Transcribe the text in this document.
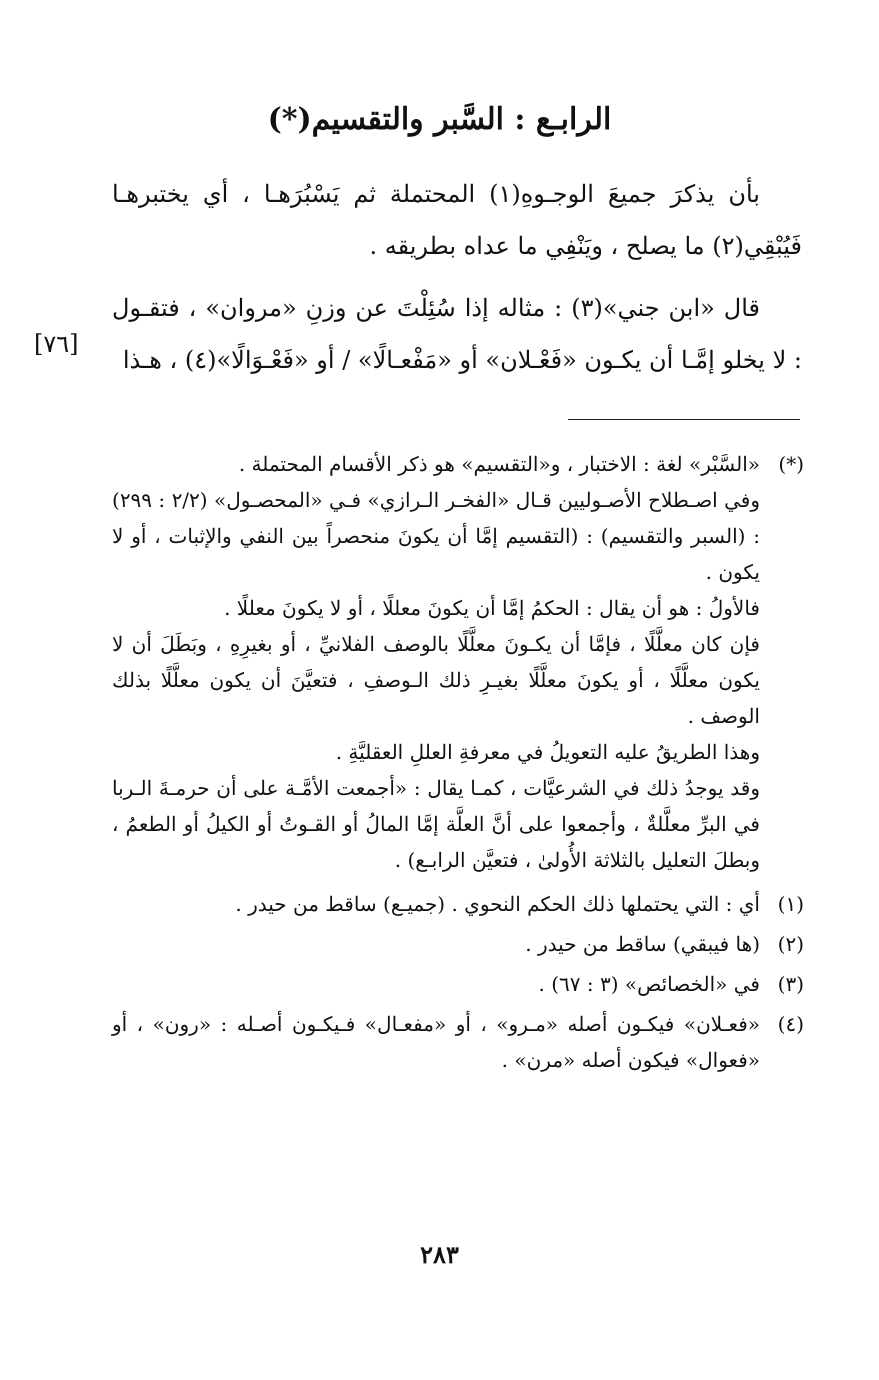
الرابـع : السَّبر والتقسيم(*)

بأن يذكرَ جميعَ الوجـوهِ(١) المحتملة ثم يَسْبُرَهـا ، أي يختبرهـا فَيُبْقِي(٢) ما يصلح ، ويَنْفِي ما عداه بطريقه .

قال «ابن جني»(٣) : مثاله إذا سُئِلْتَ عن وزنِ «مروان» ، فتقـول : لا يخلو إمَّـا أن يكـون «فَعْـلان» أو «مَفْعـالًا» / أو «فَعْـوَالًا»(٤) ، هـذا

[٧٦]
(*)

«السَّبْر» لغة : الاختبار ، و«التقسيم» هو ذكر الأقسام المحتملة .

وفي اصـطلاح الأصـوليين قـال «الفخـر الـرازي» فـي «المحصـول» (٢/٢ : ٢٩٩) : (السبر والتقسيم) : (التقسيم إمَّا أن يكونَ منحصراً بين النفي والإثبات ، أو لا يكون .

فالأولُ : هو أن يقال : الحكمُ إمَّا أن يكونَ معللًا ، أو لا يكونَ معللًا .

فإن كان معلَّلًا ، فإمَّا أن يكـونَ معلَّلًا بالوصف الفلانيِّ ، أو بغيرِهِ ، وبَطَلَ أن لا يكون معلَّلًا ، أو يكونَ معلَّلًا بغيـرِ ذلك الـوصفِ ، فتعيَّنَ أن يكون معلَّلًا بذلك الوصف .

وهذا الطريقُ عليه التعويلُ في معرفةِ العللِ العقليَّةِ .

وقد يوجدُ ذلك في الشرعيَّات ، كمـا يقال : «أجمعت الأمَّـة على أن حرمـةَ الـربا في البرِّ معلَّلةٌ ، وأجمعوا على أنَّ العلَّة إمَّا المالُ أو القـوتُ أو الكيلُ أو الطعمُ ، وبطلَ التعليل بالثلاثة الأُولىٰ ، فتعيَّن الرابـع) .

(١)
أي : التي يحتملها ذلك الحكم النحوي . (جميـع) ساقط من حيدر .
(٢)
(ها فيبقي) ساقط من حيدر .
(٣)
في «الخصائص» (٣ : ٦٧) .
(٤)
«فعـلان» فيكـون أصله «مـرو» ، أو «مفعـال» فـيكـون أصـله : «رون» ، أو «فعوال» فيكون أصله «مرن» .
٢٨٣
